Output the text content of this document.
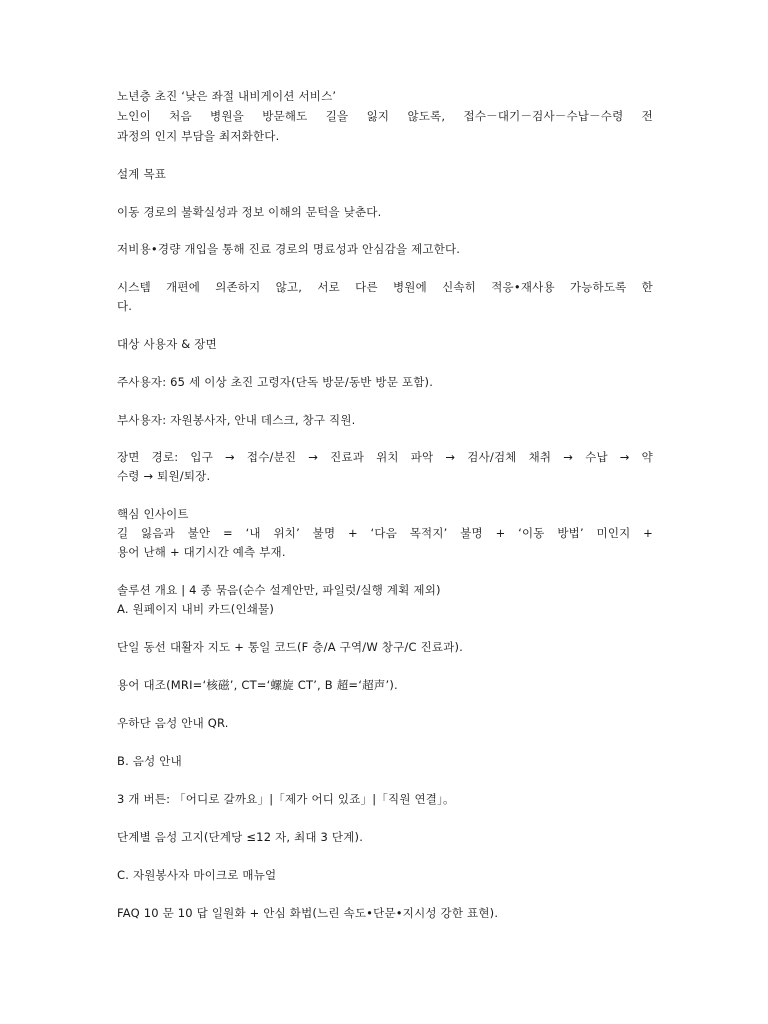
노년층 초진 ‘낮은 좌절 내비게이션 서비스’
노인이 처음 병원을 방문해도 길을 잃지 않도록, 접수－대기－검사－수납－수령 전
과정의 인지 부담을 최저화한다.
설계 목표
이동 경로의 불확실성과 정보 이해의 문턱을 낮춘다.
저비용•경량 개입을 통해 진료 경로의 명료성과 안심감을 제고한다.
시스템 개편에 의존하지 않고, 서로 다른 병원에 신속히 적응•재사용 가능하도록 한
다.
대상 사용자 & 장면
주사용자: 65 세 이상 초진 고령자(단독 방문/동반 방문 포함).
부사용자: 자원봉사자, 안내 데스크, 창구 직원.
장면 경로: 입구 → 접수/분진 → 진료과 위치 파악 → 검사/검체 채취 → 수납 → 약
수령 → 퇴원/퇴장.
핵심 인사이트
길 잃음과 불안 = ‘내 위치’ 불명 + ‘다음 목적지’ 불명 + ‘이동 방법’ 미인지 +
용어 난해 + 대기시간 예측 부재.
솔루션 개요 | 4 종 묶음(순수 설계안만, 파일럿/실행 계획 제외)
A. 원페이지 내비 카드(인쇄물)
단일 동선 대활자 지도 + 통일 코드(F 층/A 구역/W 창구/C 진료과).
용어 대조(MRI=‘核磁’, CT=‘螺旋 CT’, B 超=‘超声’).
우하단 음성 안내 QR.
B. 음성 안내
3 개 버튼: 「어디로 갈까요」|「제가 어디 있죠」|「직원 연결」。
단계별 음성 고지(단계당 ≤12 자, 최대 3 단계).
C. 자원봉사자 마이크로 매뉴얼
FAQ 10 문 10 답 일원화 + 안심 화법(느린 속도•단문•지시성 강한 표현).
